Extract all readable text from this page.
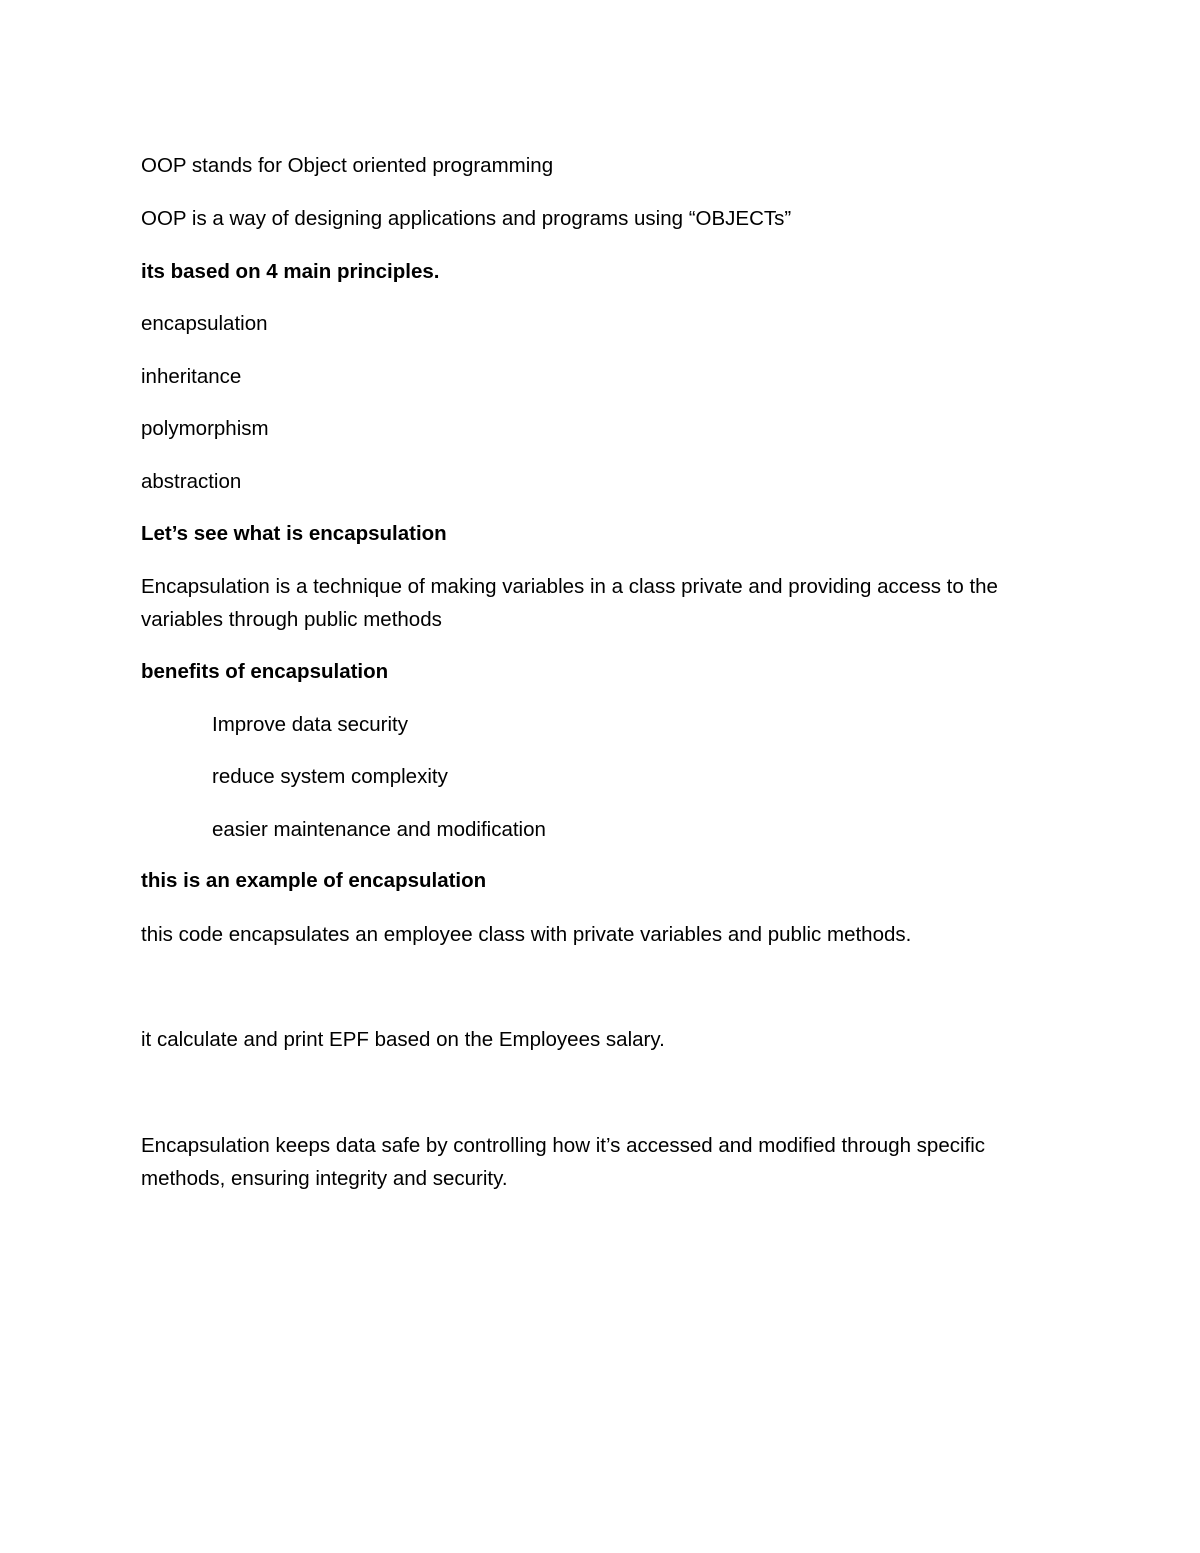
OOP stands for Object oriented programming

OOP is a way of designing applications and programs using “OBJECTs”

its based on 4 main principles.

encapsulation

inheritance

polymorphism

abstraction

Let’s see what is encapsulation

Encapsulation is a technique of making variables in a class private and providing access to the variables through public methods

benefits of encapsulation

Improve data security

reduce system complexity

easier maintenance and modification

this is an example of encapsulation

this code encapsulates an employee class with private variables and public methods.

it calculate and print EPF based on the Employees salary.

Encapsulation keeps data safe by controlling how it’s accessed and modified through specific methods, ensuring integrity and security.
